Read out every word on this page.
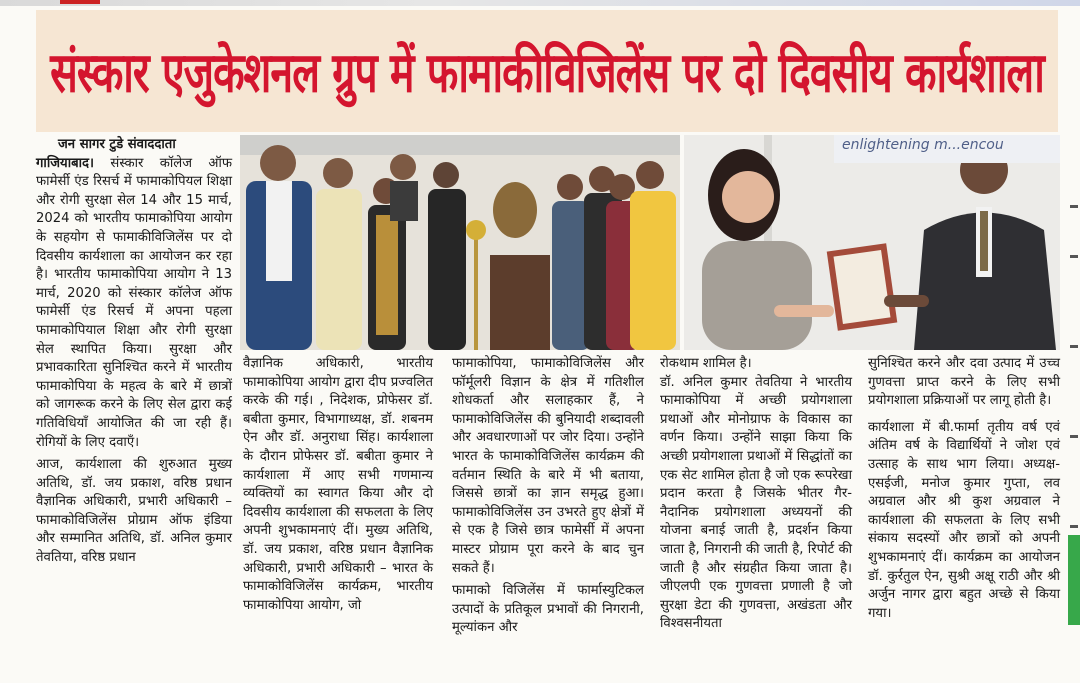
संस्कार एजुकेशनल ग्रुप में फामाकीविजिलेंस पर दो दिवसीय कार्यशाला

जन सागर टुडे संवाददाता

गाजियाबाद। संस्कार कॉलेज ऑफ फामेर्सी एंड रिसर्च में फामाकोपियल शिक्षा और रोगी सुरक्षा सेल 14 और 15 मार्च, 2024 को भारतीय फामाकोपिया आयोग के सहयोग से फामाकीविजिलेंस पर दो दिवसीय कार्यशाला का आयोजन कर रहा है। भारतीय फामाकोपिया आयोग ने 13 मार्च, 2020 को संस्कार कॉलेज ऑफ फामेर्सी एंड रिसर्च में अपना पहला फामाकोपियाल शिक्षा और रोगी सुरक्षा सेल स्थापित किया। सुरक्षा और प्रभावकारिता सुनिश्चित करने में भारतीय फामाकोपिया के महत्व के बारे में छात्रों को जागरूक करने के लिए सेल द्वारा कई गतिविधियाँ आयोजित की जा रही हैं। रोगियों के लिए दवाएँ।

आज, कार्यशाला की शुरुआत मुख्य अतिथि, डॉ. जय प्रकाश, वरिष्ठ प्रधान वैज्ञानिक अधिकारी, प्रभारी अधिकारी – फामाकोविजिलेंस प्रोग्राम ऑफ इंडिया और सम्मानित अतिथि, डॉ. अनिल कुमार तेवतिया, वरिष्ठ प्रधान

enlightening m...encou

वैज्ञानिक अधिकारी, भारतीय फामाकोपिया आयोग द्वारा दीप प्रज्वलित करके की गई। , निदेशक, प्रोफेसर डॉ. बबीता कुमार, विभागाध्यक्ष, डॉ. शबनम ऐन और डॉ. अनुराधा सिंह। कार्यशाला के दौरान प्रोफेसर डॉ. बबीता कुमार ने कार्यशाला में आए सभी गणमान्य व्यक्तियों का स्वागत किया और दो दिवसीय कार्यशाला की सफलता के लिए अपनी शुभकामनाएं दीं। मुख्य अतिथि, डॉ. जय प्रकाश, वरिष्ठ प्रधान वैज्ञानिक अधिकारी, प्रभारी अधिकारी – भारत के फामाकोविजिलेंस कार्यक्रम, भारतीय फामाकोपिया आयोग, जो

फामाकोपिया, फामाकोविजिलेंस और फॉर्मूलरी विज्ञान के क्षेत्र में गतिशील शोधकर्ता और सलाहकार हैं, ने फामाकोविजिलेंस की बुनियादी शब्दावली और अवधारणाओं पर जोर दिया। उन्होंने भारत के फामाकोविजिलेंस कार्यक्रम की वर्तमान स्थिति के बारे में भी बताया, जिससे छात्रों का ज्ञान समृद्ध हुआ। फामाकोविजिलेंस उन उभरते हुए क्षेत्रों में से एक है जिसे छात्र फामेर्सी में अपना मास्टर प्रोग्राम पूरा करने के बाद चुन सकते हैं।

फामाको विजिलेंस में फार्मास्युटिकल उत्पादों के प्रतिकूल प्रभावों की निगरानी, मूल्यांकन और

रोकथाम शामिल है।

डॉ. अनिल कुमार तेवतिया ने भारतीय फामाकोपिया में अच्छी प्रयोगशाला प्रथाओं और मोनोग्राफ के विकास का वर्णन किया। उन्होंने साझा किया कि अच्छी प्रयोगशाला प्रथाओं में सिद्धांतों का एक सेट शामिल होता है जो एक रूपरेखा प्रदान करता है जिसके भीतर गैर-नैदानिक प्रयोगशाला अध्ययनों की योजना बनाई जाती है, प्रदर्शन किया जाता है, निगरानी की जाती है, रिपोर्ट की जाती है और संग्रहीत किया जाता है। जीएलपी एक गुणवत्ता प्रणाली है जो सुरक्षा डेटा की गुणवत्ता, अखंडता और विश्वसनीयता

सुनिश्चित करने और दवा उत्पाद में उच्च गुणवत्ता प्राप्त करने के लिए सभी प्रयोगशाला प्रक्रियाओं पर लागू होती है।

कार्यशाला में बी.फार्मा तृतीय वर्ष एवं अंतिम वर्ष के विद्यार्थियों ने जोश एवं उत्साह के साथ भाग लिया। अध्यक्ष-एसईजी, मनोज कुमार गुप्ता, लव अग्रवाल और श्री कुश अग्रवाल ने कार्यशाला की सफलता के लिए सभी संकाय सदस्यों और छात्रों को अपनी शुभकामनाएं दीं। कार्यक्रम का आयोजन डॉ. कुर्रतुल ऐन, सुश्री अक्षू राठी और श्री अर्जुन नागर द्वारा बहुत अच्छे से किया गया।
